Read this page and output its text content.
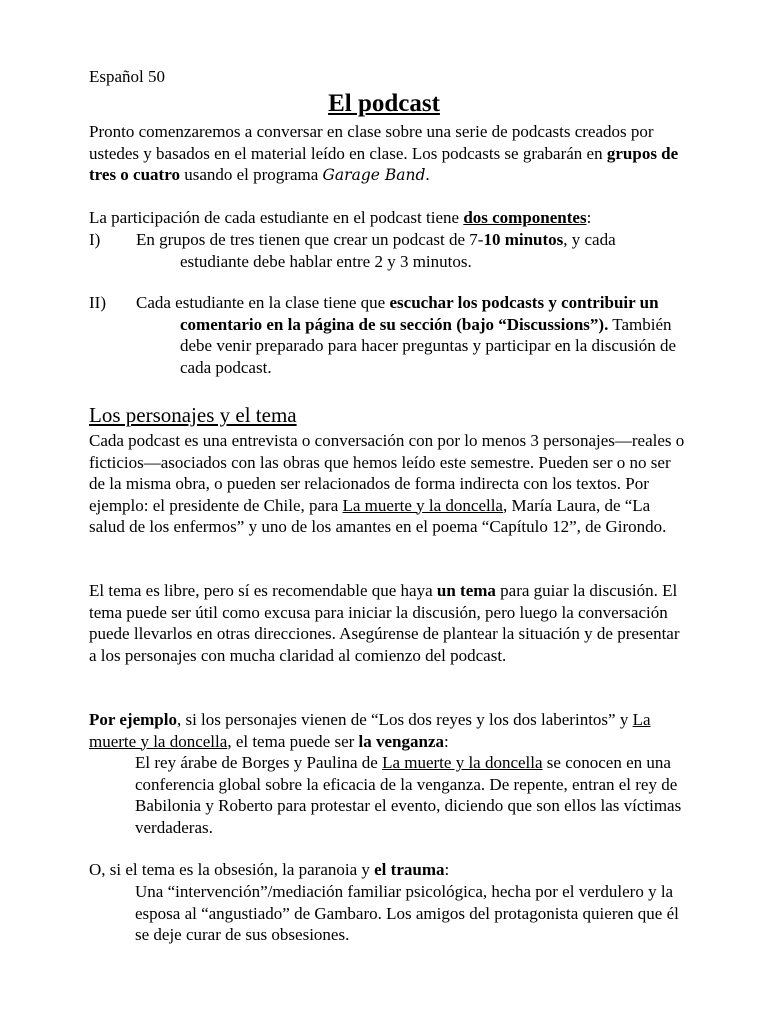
Español 50
El podcast

Pronto comenzaremos a conversar en clase sobre una serie de podcasts creados por ustedes y basados en el material leído en clase. Los podcasts se grabarán en grupos de tres o cuatro usando el programa Garage Band.

La participación de cada estudiante en el podcast tiene dos componentes:

I) En grupos de tres tienen que crear un podcast de 7-10 minutos, y cada estudiante debe hablar entre 2 y 3 minutos.
II) Cada estudiante en la clase tiene que escuchar los podcasts y contribuir un comentario en la página de su sección (bajo “Discussions”). También debe venir preparado para hacer preguntas y participar en la discusión de cada podcast.
Los personajes y el tema

Cada podcast es una entrevista o conversación con por lo menos 3 personajes—reales o ficticios—asociados con las obras que hemos leído este semestre. Pueden ser o no ser de la misma obra, o pueden ser relacionados de forma indirecta con los textos. Por ejemplo: el presidente de Chile, para La muerte y la doncella, María Laura, de “La salud de los enfermos” y uno de los amantes en el poema “Capítulo 12”, de Girondo.

El tema es libre, pero sí es recomendable que haya un tema para guiar la discusión. El tema puede ser útil como excusa para iniciar la discusión, pero luego la conversación puede llevarlos en otras direcciones. Asegúrense de plantear la situación y de presentar a los personajes con mucha claridad al comienzo del podcast.

Por ejemplo, si los personajes vienen de “Los dos reyes y los dos laberintos” y La muerte y la doncella, el tema puede ser la venganza:

El rey árabe de Borges y Paulina de La muerte y la doncella se conocen en una conferencia global sobre la eficacia de la venganza. De repente, entran el rey de Babilonia y Roberto para protestar el evento, diciendo que son ellos las víctimas verdaderas.

O, si el tema es la obsesión, la paranoia y el trauma:

Una “intervención”/mediación familiar psicológica, hecha por el verdulero y la esposa al “angustiado” de Gambaro. Los amigos del protagonista quieren que él se deje curar de sus obsesiones.
